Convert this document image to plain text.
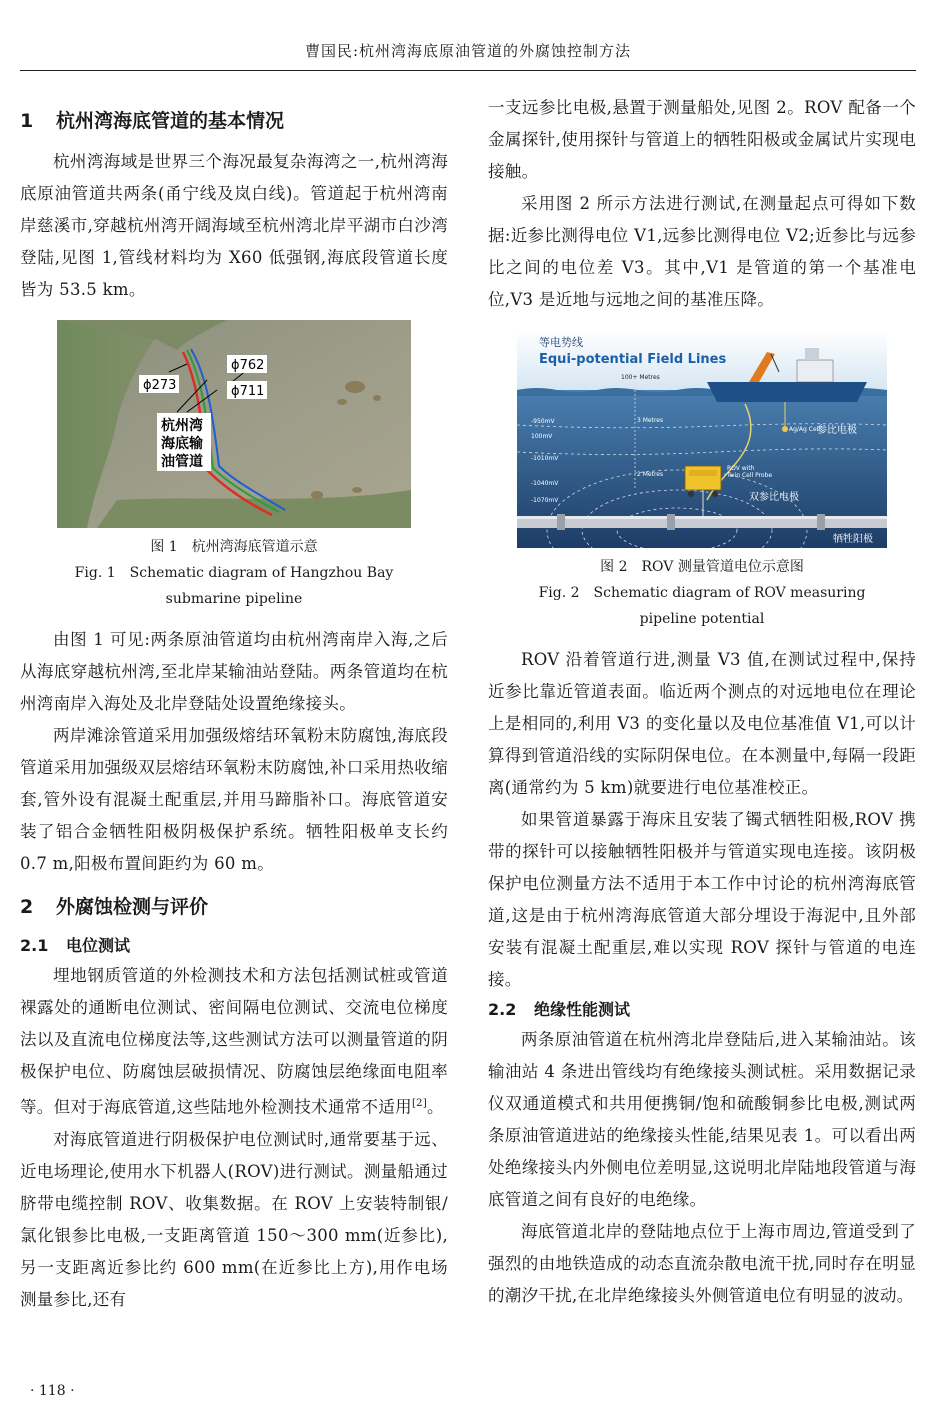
曹国民:杭州湾海底原油管道的外腐蚀控制方法
1 杭州湾海底管道的基本情况

杭州湾海域是世界三个海况最复杂海湾之一,杭州湾海底原油管道共两条(甬宁线及岚白线)。管道起于杭州湾南岸慈溪市,穿越杭州湾开阔海域至杭州湾北岸平湖市白沙湾登陆,见图 1,管线材料均为 X60 低强钢,海底段管道长度皆为 53.5 km。

ϕ273
ϕ762
ϕ711
杭州湾
海底输
油管道
图 1　杭州湾海底管道示意
Fig. 1　Schematic diagram of Hangzhou Bay submarine pipeline

由图 1 可见:两条原油管道均由杭州湾南岸入海,之后从海底穿越杭州湾,至北岸某输油站登陆。两条管道均在杭州湾南岸入海处及北岸登陆处设置绝缘接头。

两岸滩涂管道采用加强级熔结环氧粉末防腐蚀,海底段管道采用加强级双层熔结环氧粉末防腐蚀,补口采用热收缩套,管外设有混凝土配重层,并用马蹄脂补口。海底管道安装了铝合金牺牲阳极阴极保护系统。牺牲阳极单支长约 0.7 m,阳极布置间距约为 60 m。

2 外腐蚀检测与评价
2.1 电位测试

埋地钢质管道的外检测技术和方法包括测试桩或管道裸露处的通断电位测试、密间隔电位测试、交流电位梯度法以及直流电位梯度法等,这些测试方法可以测量管道的阴极保护电位、防腐蚀层破损情况、防腐蚀层绝缘面电阻率等。但对于海底管道,这些陆地外检测技术通常不适用[2]。

对海底管道进行阴极保护电位测试时,通常要基于远、近电场理论,使用水下机器人(ROV)进行测试。测量船通过脐带电缆控制 ROV、收集数据。在 ROV 上安装特制银/氯化银参比电极,一支距离管道 150～300 mm(近参比),另一支距离近参比约 600 mm(在近参比上方),用作电场测量参比,还有

一支远参比电极,悬置于测量船处,见图 2。ROV 配备一个金属探针,使用探针与管道上的牺牲阳极或金属试片实现电接触。

采用图 2 所示方法进行测试,在测量起点可得如下数据:近参比测得电位 V1,远参比测得电位 V2;近参比与远参比之间的电位差 V3。其中,V1 是管道的第一个基准电位,V3 是近地与远地之间的基准压降。

等电势线
Equi-potential Field Lines
Ag/Ag Cell
参比电极
100+ Metres
-950mV
100mV
-1010mV
-1040mV
-1070mV
3 Metres
2 Metres
ROV with
Twin Cell Probe
双参比电极
牺牲阳极
图 2　ROV 测量管道电位示意图
Fig. 2　Schematic diagram of ROV measuring pipeline potential

ROV 沿着管道行进,测量 V3 值,在测试过程中,保持近参比靠近管道表面。临近两个测点的对远地电位在理论上是相同的,利用 V3 的变化量以及电位基准值 V1,可以计算得到管道沿线的实际阴保电位。在本测量中,每隔一段距离(通常约为 5 km)就要进行电位基准校正。

如果管道暴露于海床且安装了镯式牺牲阳极,ROV 携带的探针可以接触牺牲阳极并与管道实现电连接。该阴极保护电位测量方法不适用于本工作中讨论的杭州湾海底管道,这是由于杭州湾海底管道大部分埋设于海泥中,且外部安装有混凝土配重层,难以实现 ROV 探针与管道的电连接。

2.2 绝缘性能测试

两条原油管道在杭州湾北岸登陆后,进入某输油站。该输油站 4 条进出管线均有绝缘接头测试桩。采用数据记录仪双通道模式和共用便携铜/饱和硫酸铜参比电极,测试两条原油管道进站的绝缘接头性能,结果见表 1。可以看出两处绝缘接头内外侧电位差明显,这说明北岸陆地段管道与海底管道之间有良好的电绝缘。

海底管道北岸的登陆地点位于上海市周边,管道受到了强烈的由地铁造成的动态直流杂散电流干扰,同时存在明显的潮汐干扰,在北岸绝缘接头外侧管道电位有明显的波动。

· 118 ·
